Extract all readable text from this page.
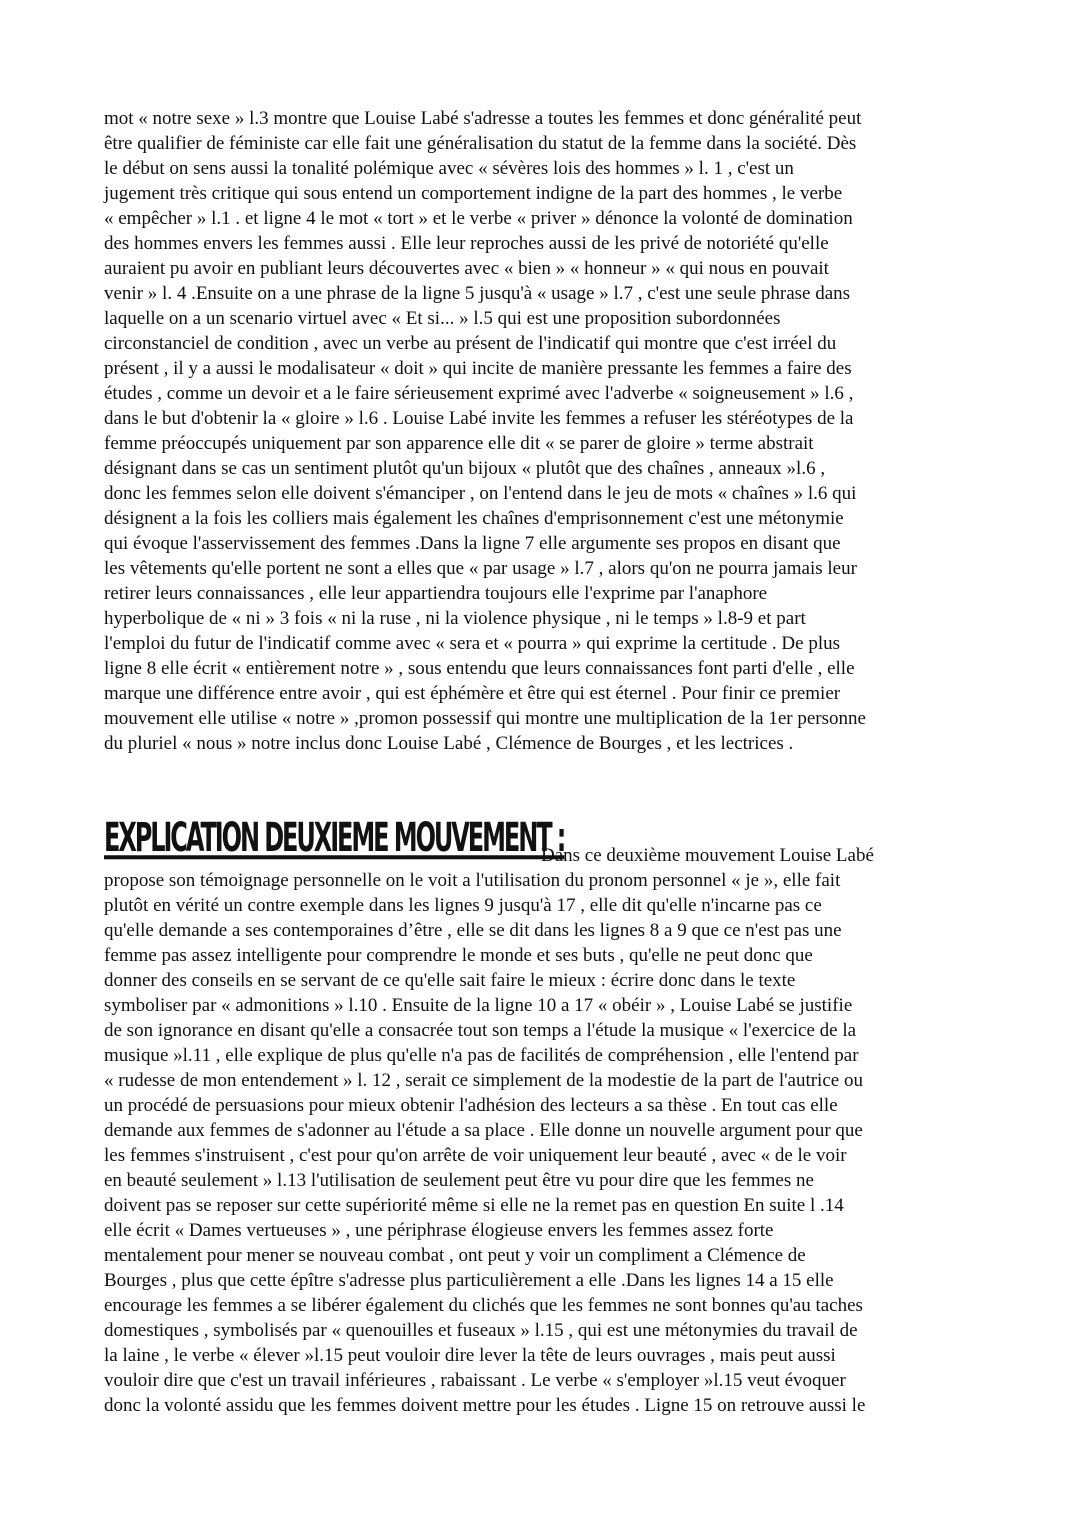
mot « notre sexe » l.3 montre que Louise Labé s'adresse a toutes les femmes et donc généralité peut
être qualifier de féministe car elle fait une généralisation du statut de la femme dans la société. Dès
le début on sens aussi la tonalité polémique avec « sévères lois des hommes » l. 1 , c'est un
jugement très critique qui sous entend un comportement indigne de la part des hommes , le verbe
« empêcher » l.1 . et ligne 4 le mot « tort » et le verbe « priver » dénonce la volonté de domination
des hommes envers les femmes aussi . Elle leur reproches aussi de les privé de notoriété qu'elle
auraient pu avoir en publiant leurs découvertes avec « bien » « honneur » « qui nous en pouvait
venir » l. 4 .Ensuite on a une phrase de la ligne 5 jusqu'à « usage » l.7 , c'est une seule phrase dans
laquelle on a un scenario virtuel avec « Et si... » l.5 qui est une proposition subordonnées
circonstanciel de condition , avec un verbe au présent de l'indicatif qui montre que c'est irréel du
présent , il y a aussi le modalisateur « doit » qui incite de manière pressante les femmes a faire des
études , comme un devoir et a le faire sérieusement exprimé avec l'adverbe « soigneusement » l.6 ,
dans le but d'obtenir la « gloire » l.6 . Louise Labé invite les femmes a refuser les stéréotypes de la
femme préoccupés uniquement par son apparence elle dit « se parer de gloire » terme abstrait
désignant dans se cas un sentiment plutôt qu'un bijoux « plutôt que des chaînes , anneaux »l.6 ,
donc les femmes selon elle doivent s'émanciper , on l'entend dans le jeu de mots « chaînes » l.6 qui
désignent a la fois les colliers mais également les chaînes d'emprisonnement c'est une métonymie
qui évoque l'asservissement des femmes .Dans la ligne 7 elle argumente ses propos en disant que
les vêtements qu'elle portent ne sont a elles que « par usage » l.7 , alors qu'on ne pourra jamais leur
retirer leurs connaissances , elle leur appartiendra toujours elle l'exprime par l'anaphore
hyperbolique de « ni » 3 fois « ni la ruse , ni la violence physique , ni le temps » l.8-9 et part
l'emploi du futur de l'indicatif comme avec « sera et « pourra » qui exprime la certitude . De plus
ligne 8 elle écrit « entièrement notre » , sous entendu que leurs connaissances font parti d'elle , elle
marque une différence entre avoir , qui est éphémère et être qui est éternel . Pour finir ce premier
mouvement elle utilise « notre » ,promon possessif qui montre une multiplication de la 1er personne
du pluriel « nous » notre inclus donc Louise Labé , Clémence de Bourges , et les lectrices .
EXPLICATION DEUXIEME MOUVEMENT :
Dans ce deuxième mouvement Louise Labé
propose son témoignage personnelle on le voit a l'utilisation du pronom personnel « je », elle fait
plutôt en vérité un contre exemple dans les lignes 9 jusqu'à 17 , elle dit qu'elle n'incarne pas ce
qu'elle demande a ses contemporaines d’être , elle se dit dans les lignes 8 a 9 que ce n'est pas une
femme pas assez intelligente pour comprendre le monde et ses buts , qu'elle ne peut donc que
donner des conseils en se servant de ce qu'elle sait faire le mieux : écrire donc dans le texte
symboliser par « admonitions » l.10 . Ensuite de la ligne 10 a 17 « obéir » , Louise Labé se justifie
de son ignorance en disant qu'elle a consacrée tout son temps a l'étude la musique « l'exercice de la
musique »l.11 , elle explique de plus qu'elle n'a pas de facilités de compréhension , elle l'entend par
« rudesse de mon entendement » l. 12 , serait ce simplement de la modestie de la part de l'autrice ou
un procédé de persuasions pour mieux obtenir l'adhésion des lecteurs a sa thèse . En tout cas elle
demande aux femmes de s'adonner au l'étude a sa place . Elle donne un nouvelle argument pour que
les femmes s'instruisent , c'est pour qu'on arrête de voir uniquement leur beauté , avec « de le voir
en beauté seulement » l.13 l'utilisation de seulement peut être vu pour dire que les femmes ne
doivent pas se reposer sur cette supériorité même si elle ne la remet pas en question En suite l .14
elle écrit « Dames vertueuses » , une périphrase élogieuse envers les femmes assez forte
mentalement pour mener se nouveau combat , ont peut y voir un compliment a Clémence de
Bourges , plus que cette épître s'adresse plus particulièrement a elle .Dans les lignes 14 a 15 elle
encourage les femmes a se libérer également du clichés que les femmes ne sont bonnes qu'au taches
domestiques , symbolisés par « quenouilles et fuseaux » l.15 , qui est une métonymies du travail de
la laine , le verbe « élever »l.15 peut vouloir dire lever la tête de leurs ouvrages , mais peut aussi
vouloir dire que c'est un travail inférieures , rabaissant . Le verbe « s'employer »l.15 veut évoquer
donc la volonté assidu que les femmes doivent mettre pour les études . Ligne 15 on retrouve aussi le
